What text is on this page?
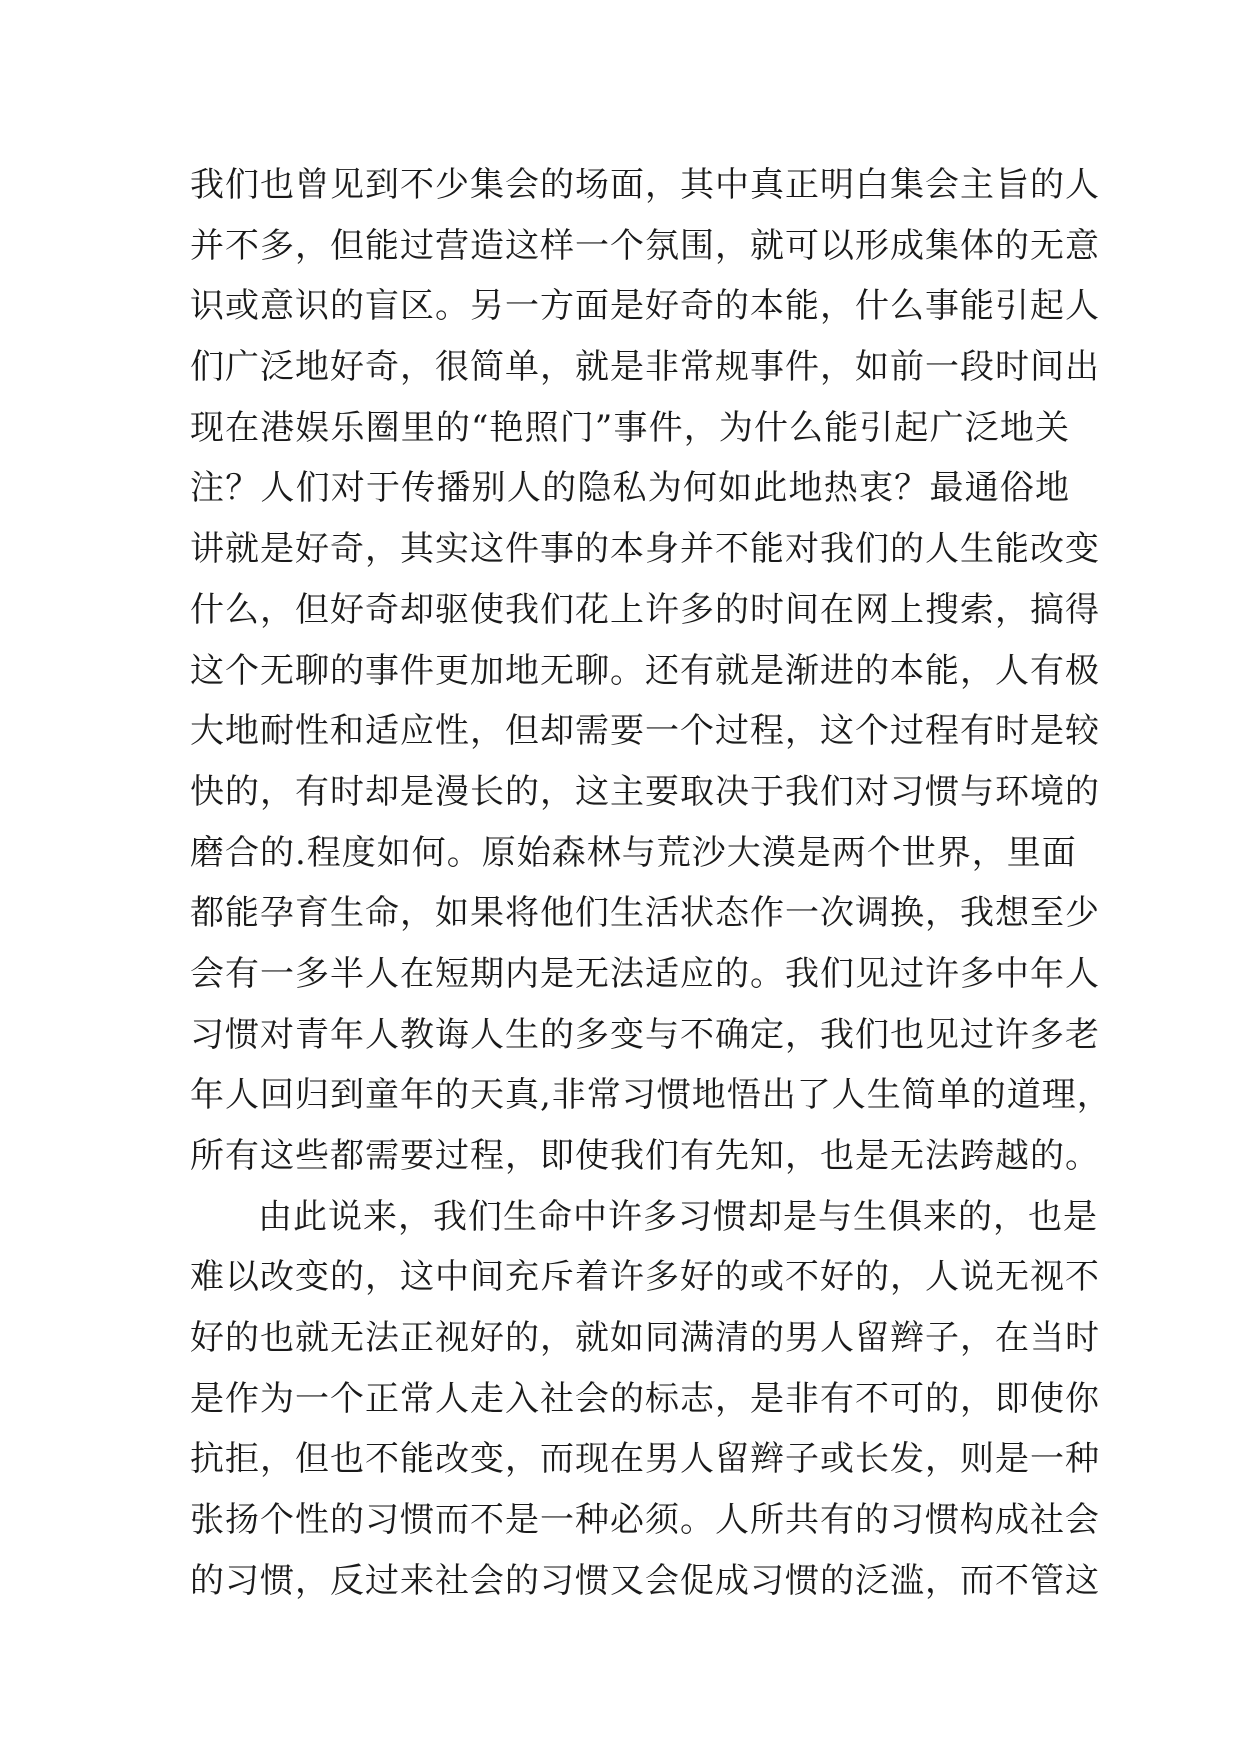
我们也曾见到不少集会的场面，其中真正明白集会主旨的人
并不多，但能过营造这样一个氛围，就可以形成集体的无意
识或意识的盲区。另一方面是好奇的本能，什么事能引起人
们广泛地好奇，很简单，就是非常规事件，如前一段时间出
现在港娱乐圈里的“艳照门”事件，为什么能引起广泛地关
注？人们对于传播别人的隐私为何如此地热衷？最通俗地
讲就是好奇，其实这件事的本身并不能对我们的人生能改变
什么，但好奇却驱使我们花上许多的时间在网上搜索，搞得
这个无聊的事件更加地无聊。还有就是渐进的本能，人有极
大地耐性和适应性，但却需要一个过程，这个过程有时是较
快的，有时却是漫长的，这主要取决于我们对习惯与环境的
磨合的.程度如何。原始森林与荒沙大漠是两个世界，里面
都能孕育生命，如果将他们生活状态作一次调换，我想至少
会有一多半人在短期内是无法适应的。我们见过许多中年人
习惯对青年人教诲人生的多变与不确定，我们也见过许多老
年人回归到童年的天真,非常习惯地悟出了人生简单的道理，
所有这些都需要过程，即使我们有先知，也是无法跨越的。
由此说来，我们生命中许多习惯却是与生俱来的，也是
难以改变的，这中间充斥着许多好的或不好的，人说无视不
好的也就无法正视好的，就如同满清的男人留辫子，在当时
是作为一个正常人走入社会的标志，是非有不可的，即使你
抗拒，但也不能改变，而现在男人留辫子或长发，则是一种
张扬个性的习惯而不是一种必须。人所共有的习惯构成社会
的习惯，反过来社会的习惯又会促成习惯的泛滥，而不管这
